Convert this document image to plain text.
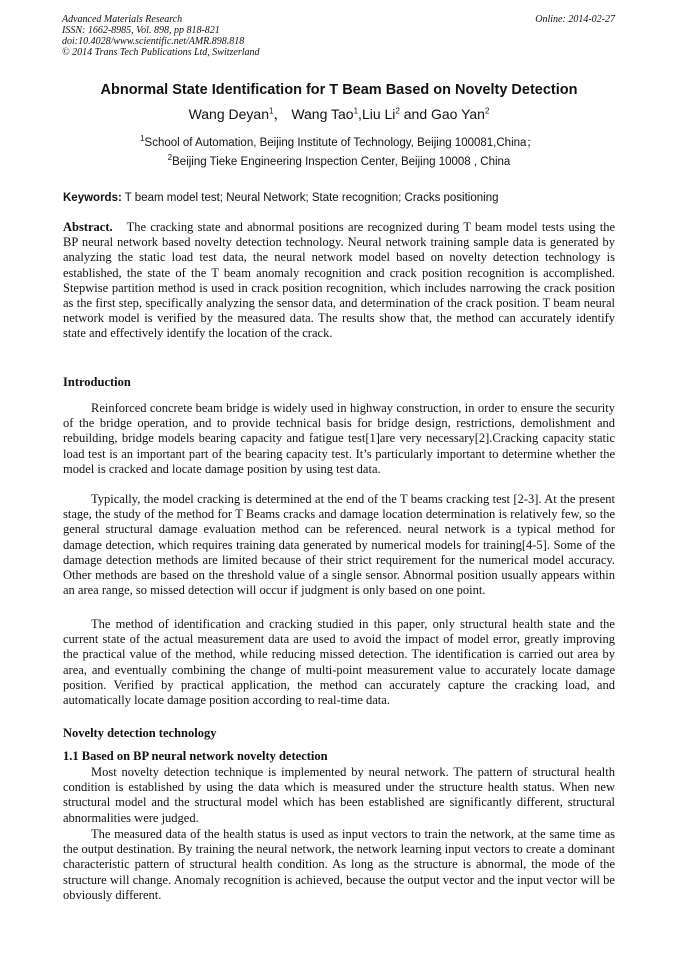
Advanced Materials Research
ISSN: 1662-8985, Vol. 898, pp 818-821
doi:10.4028/www.scientific.net/AMR.898.818
© 2014 Trans Tech Publications Ltd, Switzerland
Online: 2014-02-27
Abnormal State Identification for T Beam Based on Novelty Detection
Wang Deyan$^1$， Wang Tao$^1$,Liu Li$^2$ and Gao Yan$^2$
$^1$School of Automation, Beijing Institute of Technology, Beijing 100081,China；
$^2$Beijing Tieke Engineering Inspection Center, Beijing 10008 , China
Keywords: T beam model test; Neural Network; State recognition; Cracks positioning

Abstract. The cracking state and abnormal positions are recognized during T beam model tests using the BP neural network based novelty detection technology. Neural network training sample data is generated by analyzing the static load test data, the neural network model based on novelty detection technology is established, the state of the T beam anomaly recognition and crack position recognition is accomplished. Stepwise partition method is used in crack position recognition, which includes narrowing the crack position as the first step, specifically analyzing the sensor data, and determination of the crack position. T beam neural network model is verified by the measured data. The results show that, the method can accurately identify state and effectively identify the location of the crack.

Introduction

Reinforced concrete beam bridge is widely used in highway construction, in order to ensure the security of the bridge operation, and to provide technical basis for bridge design, restrictions, demolishment and rebuilding, bridge models bearing capacity and fatigue test[1]are very necessary[2].Cracking capacity static load test is an important part of the bearing capacity test. It’s particularly important to determine whether the model is cracked and locate damage position by using test data.

Typically, the model cracking is determined at the end of the T beams cracking test [2-3]. At the present stage, the study of the method for T Beams cracks and damage location determination is relatively few, so the general structural damage evaluation method can be referenced. neural network is a typical method for damage detection, which requires training data generated by numerical models for training[4-5]. Some of the damage detection methods are limited because of their strict requirement for the numerical model accuracy. Other methods are based on the threshold value of a single sensor. Abnormal position usually appears within an area range, so missed detection will occur if judgment is only based on one point.

The method of identification and cracking studied in this paper, only structural health state and the current state of the actual measurement data are used to avoid the impact of model error, greatly improving the practical value of the method, while reducing missed detection. The identification is carried out area by area, and eventually combining the change of multi-point measurement value to accurately locate damage position. Verified by practical application, the method can accurately capture the cracking load, and automatically locate damage position according to real-time data.

Novelty detection technology
1.1 Based on BP neural network novelty detection

Most novelty detection technique is implemented by neural network. The pattern of structural health condition is established by using the data which is measured under the structure health status. When new structural model and the structural model which has been established are significantly different, structural abnormalities were judged.

The measured data of the health status is used as input vectors to train the network, at the same time as the output destination. By training the neural network, the network learning input vectors to create a dominant characteristic pattern of structural health condition. As long as the structure is abnormal, the mode of the structure will change. Anomaly recognition is achieved, because the output vector and the input vector will be obviously different.
